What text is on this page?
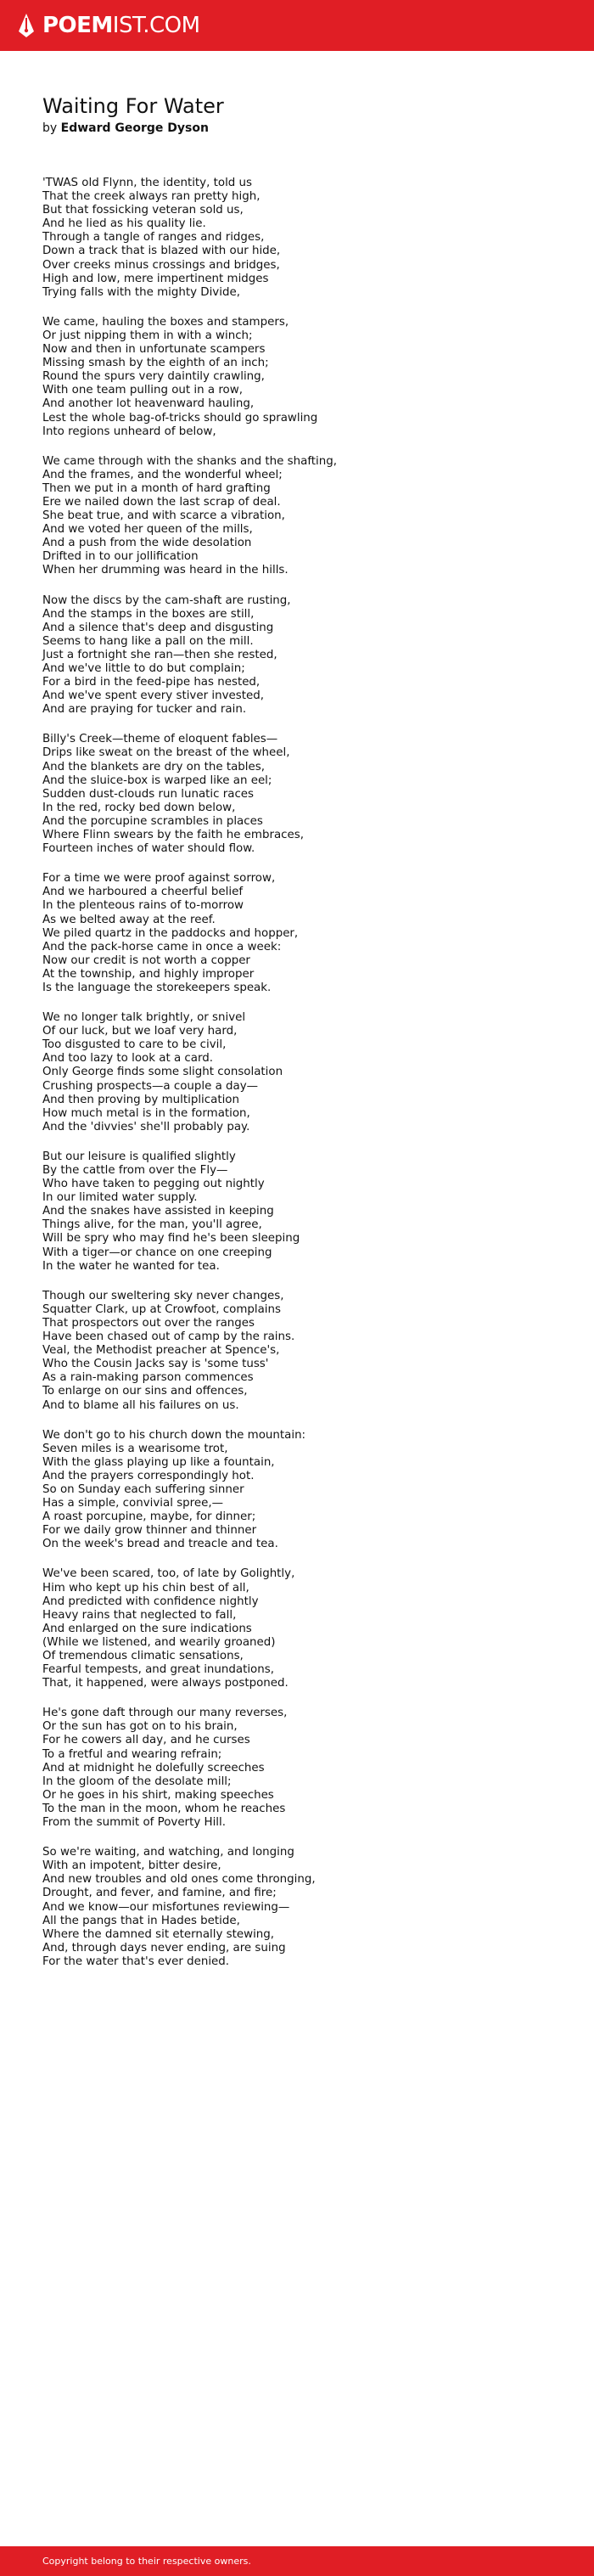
POEMIST.COM
Waiting For Water
by Edward George Dyson
'TWAS old Flynn, the identity, told us
That the creek always ran pretty high,
But that fossicking veteran sold us,
And he lied as his quality lie.
Through a tangle of ranges and ridges,
Down a track that is blazed with our hide,
Over creeks minus crossings and bridges,
High and low, mere impertinent midges
Trying falls with the mighty Divide,
We came, hauling the boxes and stampers,
Or just nipping them in with a winch;
Now and then in unfortunate scampers
Missing smash by the eighth of an inch;
Round the spurs very daintily crawling,
With one team pulling out in a row,
And another lot heavenward hauling,
Lest the whole bag-of-tricks should go sprawling
Into regions unheard of below,
We came through with the shanks and the shafting,
And the frames, and the wonderful wheel;
Then we put in a month of hard grafting
Ere we nailed down the last scrap of deal.
She beat true, and with scarce a vibration,
And we voted her queen of the mills,
And a push from the wide desolation
Drifted in to our jollification
When her drumming was heard in the hills.
Now the discs by the cam-shaft are rusting,
And the stamps in the boxes are still,
And a silence that's deep and disgusting
Seems to hang like a pall on the mill.
Just a fortnight she ran—then she rested,
And we've little to do but complain;
For a bird in the feed-pipe has nested,
And we've spent every stiver invested,
And are praying for tucker and rain.
Billy's Creek—theme of eloquent fables—
Drips like sweat on the breast of the wheel,
And the blankets are dry on the tables,
And the sluice-box is warped like an eel;
Sudden dust-clouds run lunatic races
In the red, rocky bed down below,
And the porcupine scrambles in places
Where Flinn swears by the faith he embraces,
Fourteen inches of water should flow.
For a time we were proof against sorrow,
And we harboured a cheerful belief
In the plenteous rains of to-morrow
As we belted away at the reef.
We piled quartz in the paddocks and hopper,
And the pack-horse came in once a week:
Now our credit is not worth a copper
At the township, and highly improper
Is the language the storekeepers speak.
We no longer talk brightly, or snivel
Of our luck, but we loaf very hard,
Too disgusted to care to be civil,
And too lazy to look at a card.
Only George finds some slight consolation
Crushing prospects—a couple a day—
And then proving by multiplication
How much metal is in the formation,
And the 'divvies' she'll probably pay.
But our leisure is qualified slightly
By the cattle from over the Fly—
Who have taken to pegging out nightly
In our limited water supply.
And the snakes have assisted in keeping
Things alive, for the man, you'll agree,
Will be spry who may find he's been sleeping
With a tiger—or chance on one creeping
In the water he wanted for tea.
Though our sweltering sky never changes,
Squatter Clark, up at Crowfoot, complains
That prospectors out over the ranges
Have been chased out of camp by the rains.
Veal, the Methodist preacher at Spence's,
Who the Cousin Jacks say is 'some tuss'
As a rain-making parson commences
To enlarge on our sins and offences,
And to blame all his failures on us.
We don't go to his church down the mountain:
Seven miles is a wearisome trot,
With the glass playing up like a fountain,
And the prayers correspondingly hot.
So on Sunday each suffering sinner
Has a simple, convivial spree,—
A roast porcupine, maybe, for dinner;
For we daily grow thinner and thinner
On the week's bread and treacle and tea.
We've been scared, too, of late by Golightly,
Him who kept up his chin best of all,
And predicted with confidence nightly
Heavy rains that neglected to fall,
And enlarged on the sure indications
(While we listened, and wearily groaned)
Of tremendous climatic sensations,
Fearful tempests, and great inundations,
That, it happened, were always postponed.
He's gone daft through our many reverses,
Or the sun has got on to his brain,
For he cowers all day, and he curses
To a fretful and wearing refrain;
And at midnight he dolefully screeches
In the gloom of the desolate mill;
Or he goes in his shirt, making speeches
To the man in the moon, whom he reaches
From the summit of Poverty Hill.
So we're waiting, and watching, and longing
With an impotent, bitter desire,
And new troubles and old ones come thronging,
Drought, and fever, and famine, and fire;
And we know—our misfortunes reviewing—
All the pangs that in Hades betide,
Where the damned sit eternally stewing,
And, through days never ending, are suing
For the water that's ever denied.
Copyright belong to their respective owners.
